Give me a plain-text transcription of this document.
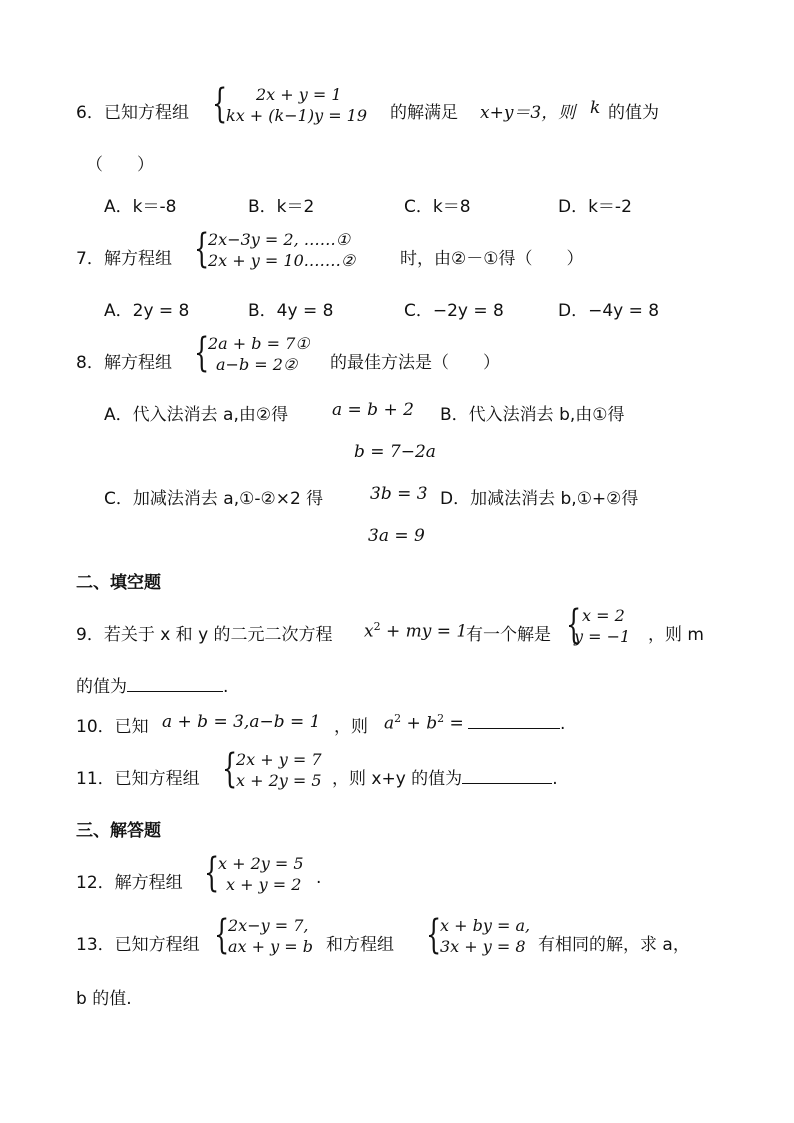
6． 已知方程组 { 2x + y = 1
kx + (k−1)y = 19 的解满足 x+y＝3，则 k 的值为
（　　）
A．k＝-8	B．k＝2	C．k＝8	D．k＝-2
7． 解方程组 {
2x−3y = 2, ……①
2x + y = 10.……②	时，由②－①得（　　）
A．2y = 8	B．4y = 8	C．−2y = 8	D．−4y = 8
8． 解方程组 {
2a + b = 7①
a−b = 2② 的最佳方法是（　　）
A．代入法消去 a,由②得	a = b + 2 B．代入法消去 b,由①得
b = 7−2a
C．加减法消去 a,①-②×2 得	3b = 3 D．加减法消去 b,①+②得
3a = 9
二、填空题
9．若关于 x 和 y 的二元二次方程 $x^2$ + my = 1
有一个解是 { x = 2
y = −1 ，则 m
的值为	.
10．已知 a + b = 3,a−b = 1 ，则 $a^2 + b^2$ =	.
11．已知方程组 {
2x + y = 7
x + 2y = 5 ，则 x+y 的值为	.
三、解答题
12．解方程组 {
x + 2y = 5
x + y = 2 .
13．已知方程组 {
2x−y = 7,
ax + y = b 和方程组 {
x + by = a,
3x + y = 8 有相同的解，求 a，
b 的值.
